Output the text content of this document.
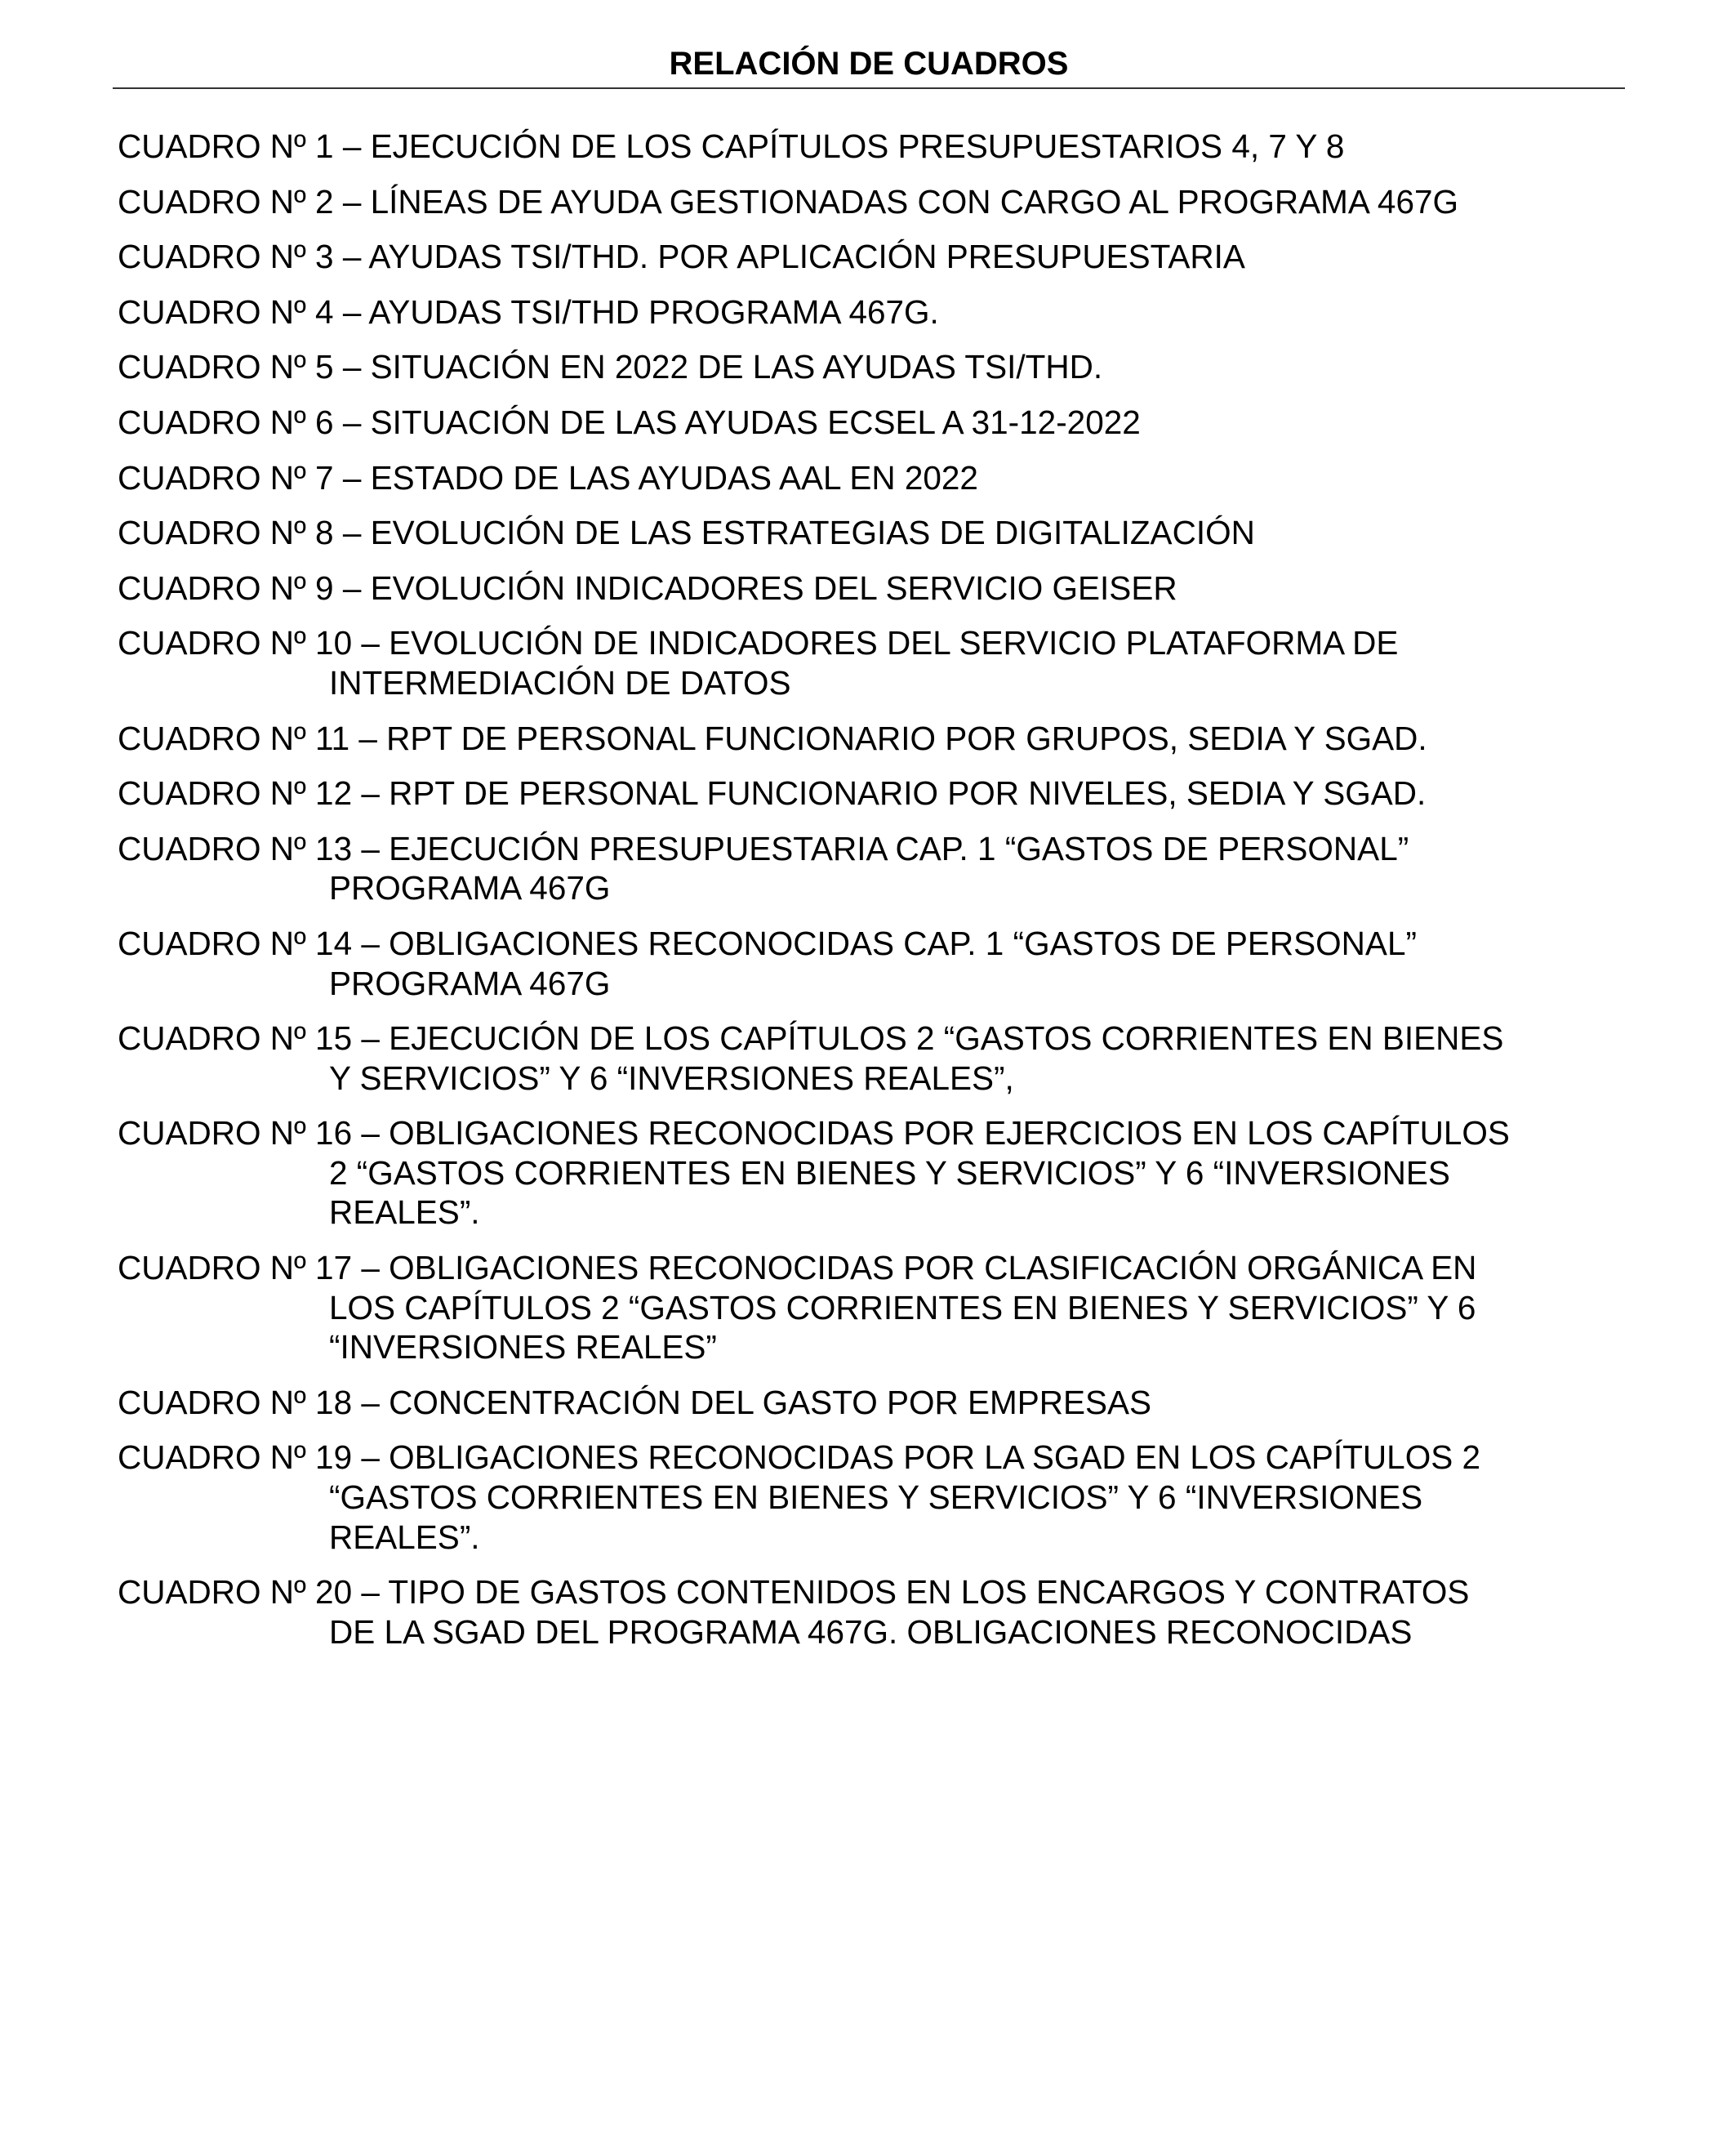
RELACIÓN DE CUADROS
CUADRO Nº 1 – EJECUCIÓN DE LOS CAPÍTULOS PRESUPUESTARIOS 4, 7 Y 8
CUADRO Nº 2 – LÍNEAS DE AYUDA GESTIONADAS CON CARGO AL PROGRAMA 467G
CUADRO Nº 3 – AYUDAS TSI/THD. POR APLICACIÓN PRESUPUESTARIA
CUADRO Nº 4 – AYUDAS TSI/THD PROGRAMA 467G.
CUADRO Nº 5 – SITUACIÓN EN 2022 DE LAS AYUDAS TSI/THD.
CUADRO Nº 6 – SITUACIÓN DE LAS AYUDAS ECSEL A 31-12-2022
CUADRO Nº 7 – ESTADO DE LAS AYUDAS AAL EN 2022
CUADRO Nº 8 – EVOLUCIÓN DE LAS ESTRATEGIAS DE DIGITALIZACIÓN
CUADRO Nº 9 – EVOLUCIÓN INDICADORES DEL SERVICIO GEISER
CUADRO Nº 10 – EVOLUCIÓN DE INDICADORES DEL SERVICIO PLATAFORMA DE
INTERMEDIACIÓN DE DATOS
CUADRO Nº 11 – RPT DE PERSONAL FUNCIONARIO POR GRUPOS, SEDIA Y SGAD.
CUADRO Nº 12 – RPT DE PERSONAL FUNCIONARIO POR NIVELES, SEDIA Y SGAD.
CUADRO Nº 13 – EJECUCIÓN PRESUPUESTARIA CAP. 1 “GASTOS DE PERSONAL”
PROGRAMA 467G
CUADRO Nº 14 – OBLIGACIONES RECONOCIDAS CAP. 1 “GASTOS DE PERSONAL”
PROGRAMA 467G
CUADRO Nº 15 – EJECUCIÓN DE LOS CAPÍTULOS 2 “GASTOS CORRIENTES EN BIENES
Y SERVICIOS” Y 6 “INVERSIONES REALES”,
CUADRO Nº 16 – OBLIGACIONES RECONOCIDAS POR EJERCICIOS EN LOS CAPÍTULOS
2 “GASTOS CORRIENTES EN BIENES Y SERVICIOS” Y 6 “INVERSIONES
REALES”.
CUADRO Nº 17 – OBLIGACIONES RECONOCIDAS POR CLASIFICACIÓN ORGÁNICA EN
LOS CAPÍTULOS 2 “GASTOS CORRIENTES EN BIENES Y SERVICIOS” Y 6
“INVERSIONES REALES”
CUADRO Nº 18 – CONCENTRACIÓN DEL GASTO POR EMPRESAS
CUADRO Nº 19 – OBLIGACIONES RECONOCIDAS POR LA SGAD EN LOS CAPÍTULOS 2
“GASTOS CORRIENTES EN BIENES Y SERVICIOS” Y 6 “INVERSIONES
REALES”.
CUADRO Nº 20 – TIPO DE GASTOS CONTENIDOS EN LOS ENCARGOS Y CONTRATOS
DE LA SGAD DEL PROGRAMA 467G. OBLIGACIONES RECONOCIDAS
